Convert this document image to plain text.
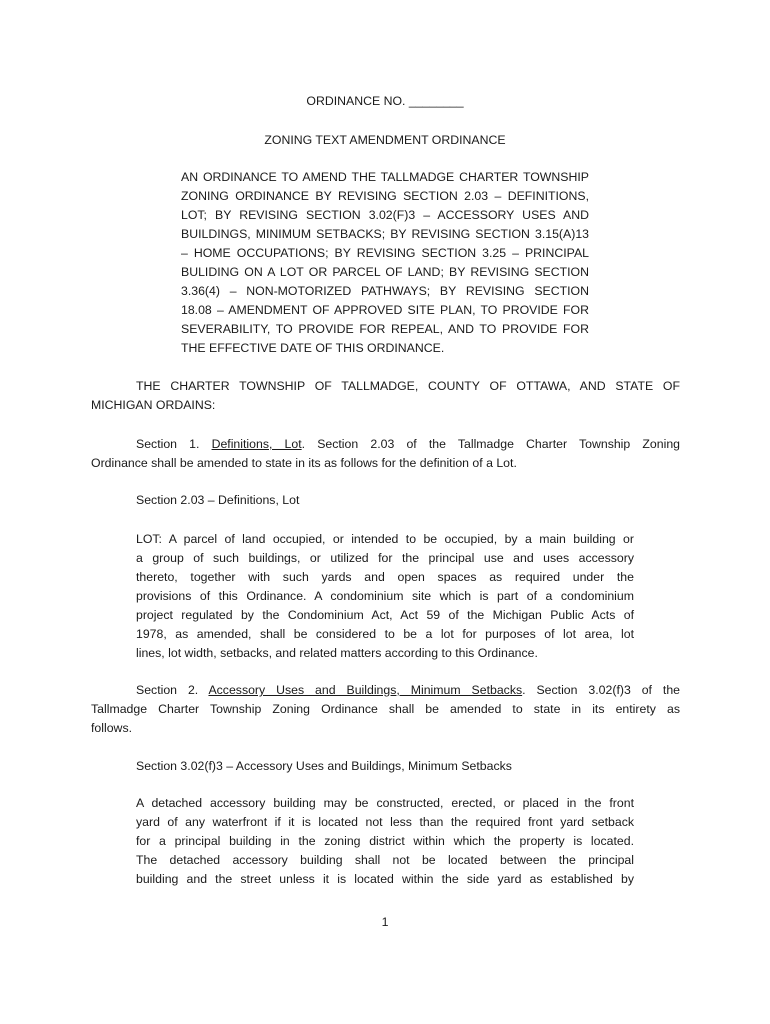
ORDINANCE NO. ________
ZONING TEXT AMENDMENT ORDINANCE
AN ORDINANCE TO AMEND THE TALLMADGE CHARTER TOWNSHIP
ZONING ORDINANCE BY REVISING SECTION 2.03 – DEFINITIONS,
LOT; BY REVISING SECTION 3.02(F)3 – ACCESSORY USES AND
BUILDINGS, MINIMUM SETBACKS; BY REVISING SECTION 3.15(A)13
– HOME OCCUPATIONS; BY REVISING SECTION 3.25 – PRINCIPAL
BULIDING ON A LOT OR PARCEL OF LAND; BY REVISING SECTION
3.36(4) – NON-MOTORIZED PATHWAYS; BY REVISING SECTION
18.08 – AMENDMENT OF APPROVED SITE PLAN, TO PROVIDE FOR
SEVERABILITY, TO PROVIDE FOR REPEAL, AND TO PROVIDE FOR
THE EFFECTIVE DATE OF THIS ORDINANCE.
THE CHARTER TOWNSHIP OF TALLMADGE, COUNTY OF OTTAWA, AND STATE OF
MICHIGAN ORDAINS:
Section 1. Definitions, Lot. Section 2.03 of the Tallmadge Charter Township Zoning
Ordinance shall be amended to state in its as follows for the definition of a Lot.
Section 2.03 – Definitions, Lot
LOT: A parcel of land occupied, or intended to be occupied, by a main building or
a group of such buildings, or utilized for the principal use and uses accessory
thereto, together with such yards and open spaces as required under the
provisions of this Ordinance. A condominium site which is part of a condominium
project regulated by the Condominium Act, Act 59 of the Michigan Public Acts of
1978, as amended, shall be considered to be a lot for purposes of lot area, lot
lines, lot width, setbacks, and related matters according to this Ordinance.
Section 2. Accessory Uses and Buildings, Minimum Setbacks. Section 3.02(f)3 of the
Tallmadge Charter Township Zoning Ordinance shall be amended to state in its entirety as
follows.
Section 3.02(f)3 – Accessory Uses and Buildings, Minimum Setbacks
A detached accessory building may be constructed, erected, or placed in the front
yard of any waterfront if it is located not less than the required front yard setback
for a principal building in the zoning district within which the property is located.
The detached accessory building shall not be located between the principal
building and the street unless it is located within the side yard as established by
1
